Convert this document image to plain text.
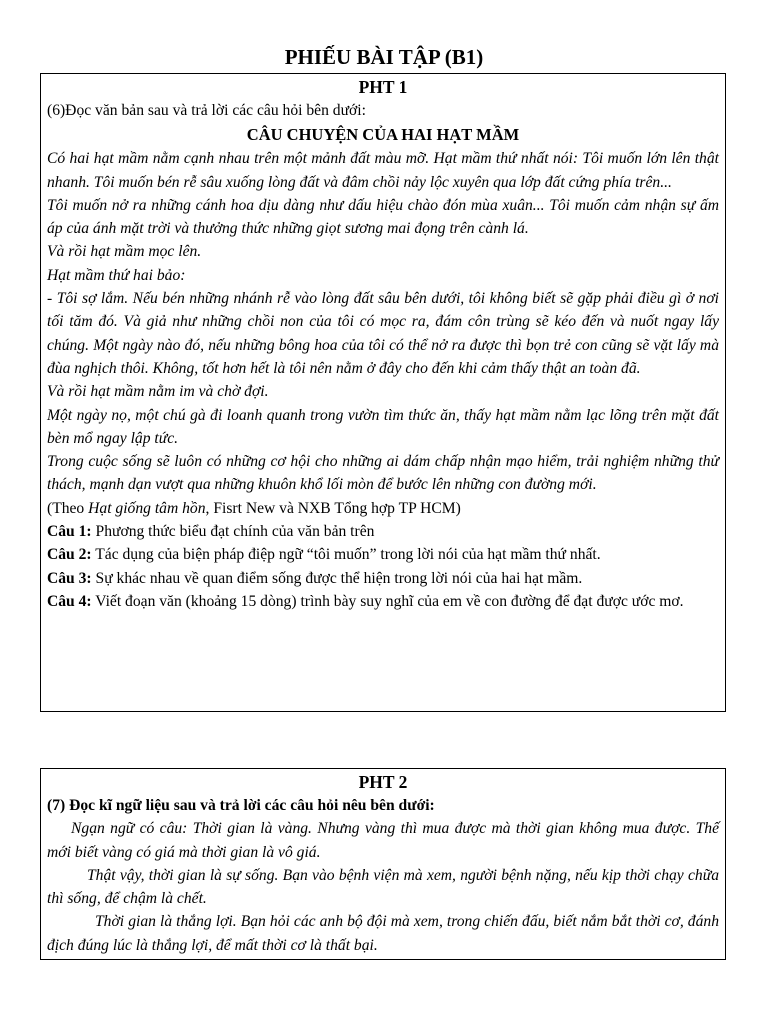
PHIẾU BÀI TẬP (B1)
PHT 1

(6)Đọc văn bản sau và trả lời các câu hỏi bên dưới:

CÂU CHUYỆN CỦA HAI HẠT MẦM

Có hai hạt mầm nằm cạnh nhau trên một mảnh đất màu mỡ. Hạt mầm thứ nhất nói: Tôi muốn lớn lên thật nhanh. Tôi muốn bén rễ sâu xuống lòng đất và đâm chồi nảy lộc xuyên qua lớp đất cứng phía trên...

Tôi muốn nở ra những cánh hoa dịu dàng như dấu hiệu chào đón mùa xuân... Tôi muốn cảm nhận sự ấm áp của ánh mặt trời và thưởng thức những giọt sương mai đọng trên cành lá.

Và rồi hạt mầm mọc lên.

Hạt mầm thứ hai bảo:

- Tôi sợ lắm. Nếu bén những nhánh rễ vào lòng đất sâu bên dưới, tôi không biết sẽ gặp phải điều gì ở nơi tối tăm đó. Và giả như những chồi non của tôi có mọc ra, đám côn trùng sẽ kéo đến và nuốt ngay lấy chúng. Một ngày nào đó, nếu những bông hoa của tôi có thể nở ra được thì bọn trẻ con cũng sẽ vặt lấy mà đùa nghịch thôi. Không, tốt hơn hết là tôi nên nằm ở đây cho đến khi cảm thấy thật an toàn đã.

Và rồi hạt mầm nằm im và chờ đợi.

Một ngày nọ, một chú gà đi loanh quanh trong vườn tìm thức ăn, thấy hạt mầm nằm lạc lõng trên mặt đất bèn mổ ngay lập tức.

Trong cuộc sống sẽ luôn có những cơ hội cho những ai dám chấp nhận mạo hiểm, trải nghiệm những thử thách, mạnh dạn vượt qua những khuôn khổ lối mòn để bước lên những con đường mới.

(Theo Hạt giống tâm hồn, Fisrt New và NXB Tổng hợp TP HCM)

Câu 1: Phương thức biểu đạt chính của văn bản trên

Câu 2: Tác dụng của biện pháp điệp ngữ “tôi muốn” trong lời nói của hạt mầm thứ nhất.

Câu 3: Sự khác nhau về quan điểm sống được thể hiện trong lời nói của hai hạt mầm.

Câu 4: Viết đoạn văn (khoảng 15 dòng) trình bày suy nghĩ của em về con đường để đạt được ước mơ.

PHT 2

(7) Đọc kĩ ngữ liệu sau và trả lời các câu hỏi nêu bên dưới:

Ngạn ngữ có câu: Thời gian là vàng. Nhưng vàng thì mua được mà thời gian không mua được. Thế mới biết vàng có giá mà thời gian là vô giá.

Thật vậy, thời gian là sự sống. Bạn vào bệnh viện mà xem, người bệnh nặng, nếu kịp thời chạy chữa thì sống, để chậm là chết.

Thời gian là thắng lợi. Bạn hỏi các anh bộ đội mà xem, trong chiến đấu, biết nắm bắt thời cơ, đánh địch đúng lúc là thắng lợi, để mất thời cơ là thất bại.
